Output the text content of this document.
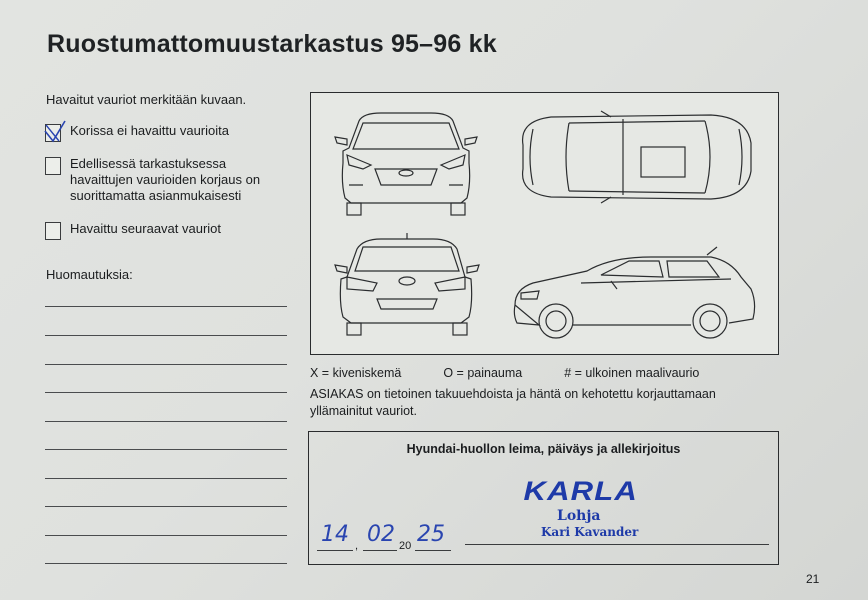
Ruostumattomuustarkastus 95–96 kk
Havaitut vauriot merkitään kuvaan.
Korissa ei havaittu vaurioita
Edellisessä tarkastuksessa
havaittujen vaurioiden korjaus on
suorittamatta asianmukaisesti
Havaittu seuraavat vauriot
Huomautuksia:
X = kiveniskemä	O = painauma	# = ulkoinen maalivaurio
ASIAKAS on tietoinen takuuehdoista ja häntä on kehotettu korjauttamaan yllämainitut vauriot.
Hyundai-huollon leima, päiväys ja allekirjoitus
KARLA
Lohja
Kari Kavander
14 , 02 20 25
21
